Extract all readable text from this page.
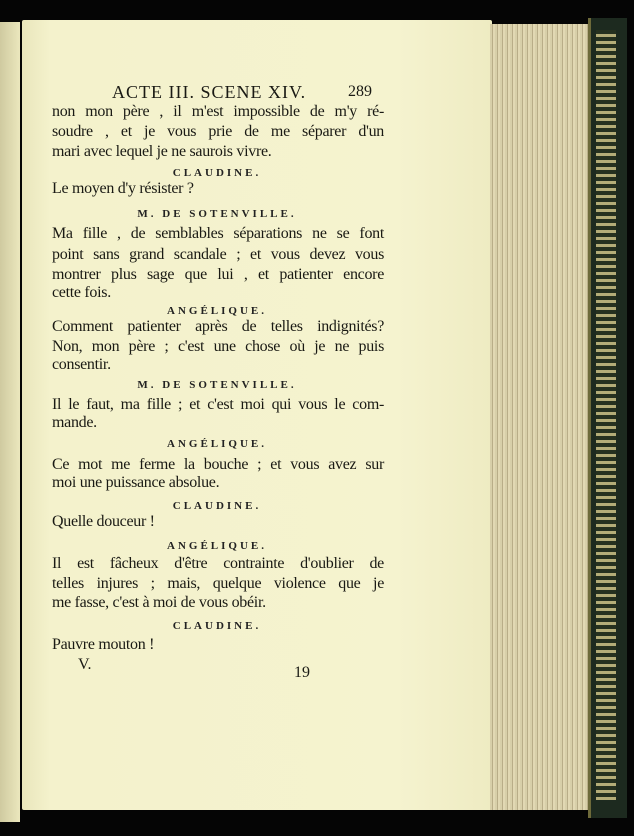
ACTE III. SCENE XIV.	289
non mon père , il m'est impossible de m'y ré-
soudre , et je vous prie de me séparer d'un
mari avec lequel je ne saurois vivre.
CLAUDINE.
Le moyen d'y résister ?
M. DE SOTENVILLE.
Ma fille , de semblables séparations ne se font
point sans grand scandale ; et vous devez vous
montrer plus sage que lui , et patienter encore
cette fois.
ANGÉLIQUE.
Comment patienter après de telles indignités?
Non, mon père ; c'est une chose où je ne puis
consentir.
M. DE SOTENVILLE.
Il le faut, ma fille ; et c'est moi qui vous le com-
mande.
ANGÉLIQUE.
Ce mot me ferme la bouche ; et vous avez sur
moi une puissance absolue.
CLAUDINE.
Quelle douceur !
ANGÉLIQUE.
Il est fâcheux d'être contrainte d'oublier de
telles injures ; mais, quelque violence que je
me fasse, c'est à moi de vous obéir.
CLAUDINE.
Pauvre mouton !
V.	19
